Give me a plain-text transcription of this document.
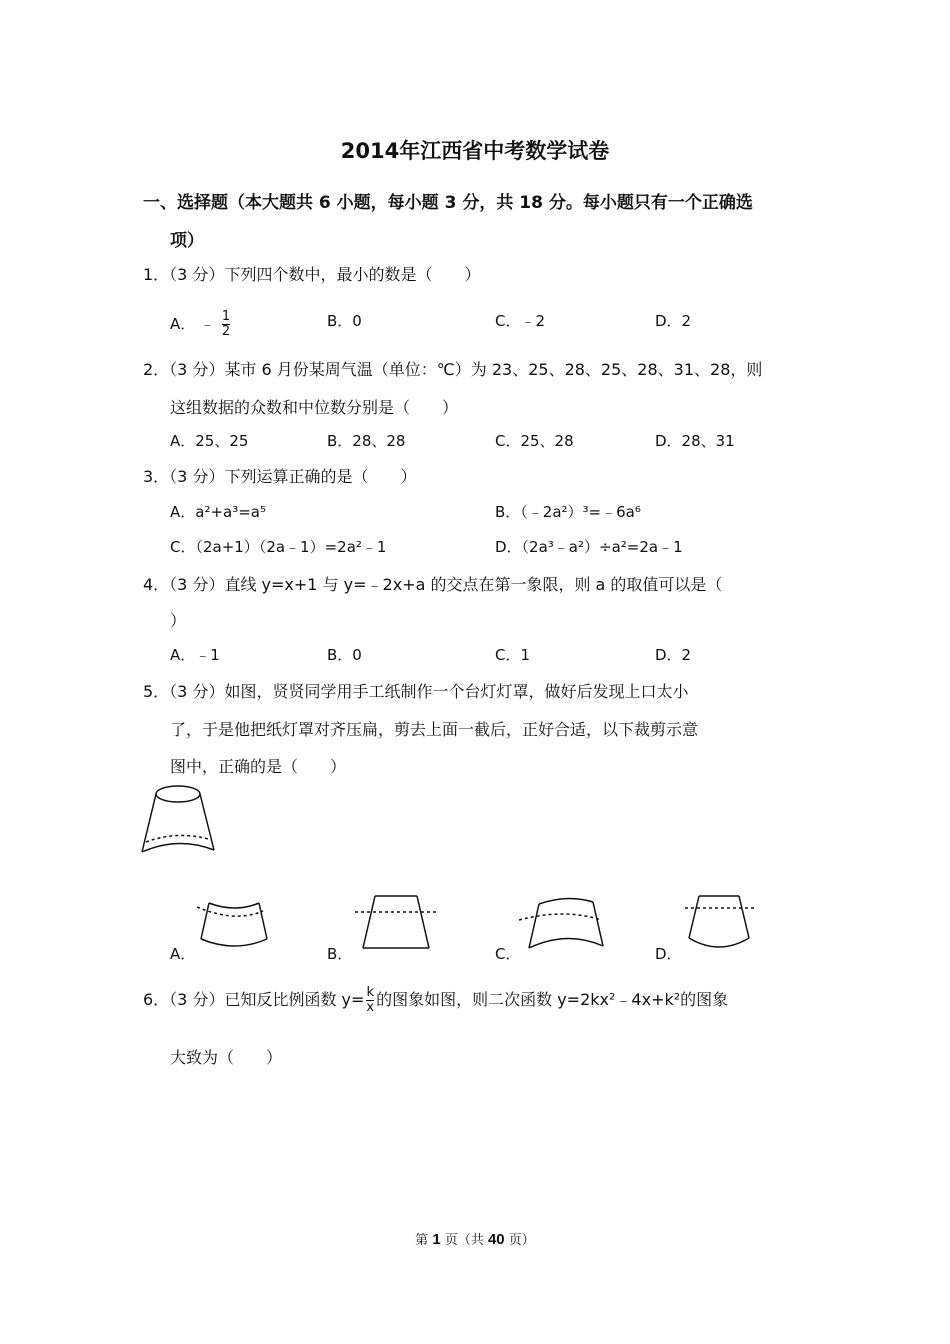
2014年江西省中考数学试卷
一、选择题（本大题共 6 小题，每小题 3 分，共 18 分。每小题只有一个正确选
项）
1．（3 分）下列四个数中，最小的数是（　　）
A． ﹣ $\frac{1}{2}$	B．0	C．﹣2	D．2
2．（3 分）某市 6 月份某周气温（单位：℃）为 23、25、28、25、28、31、28，则
这组数据的众数和中位数分别是（　　）
A．25、25	B．28、28	C．25、28	D．28、31
3．（3 分）下列运算正确的是（　　）
A．a²+a³=a⁵	B．（﹣2a²）³=﹣6a⁶
C．（2a+1）（2a﹣1）=2a²﹣1	D．（2a³﹣a²）÷a²=2a﹣1
4．（3 分）直线 y=x+1 与 y=﹣2x+a 的交点在第一象限，则 a 的取值可以是（
）
A．﹣1	B．0	C．1	D．2
5．（3 分）如图，贤贤同学用手工纸制作一个台灯灯罩，做好后发现上口太小
了，于是他把纸灯罩对齐压扁，剪去上面一截后，正好合适，以下裁剪示意
图中，正确的是（　　）
A．	B．	C．	D．
6．（3 分）已知反比例函数 $y= \frac{k}{x}$ 的图象如图，则二次函数 y=2kx²﹣4x+k²的图象
大致为（　　）
第 1 页（共 40 页）
